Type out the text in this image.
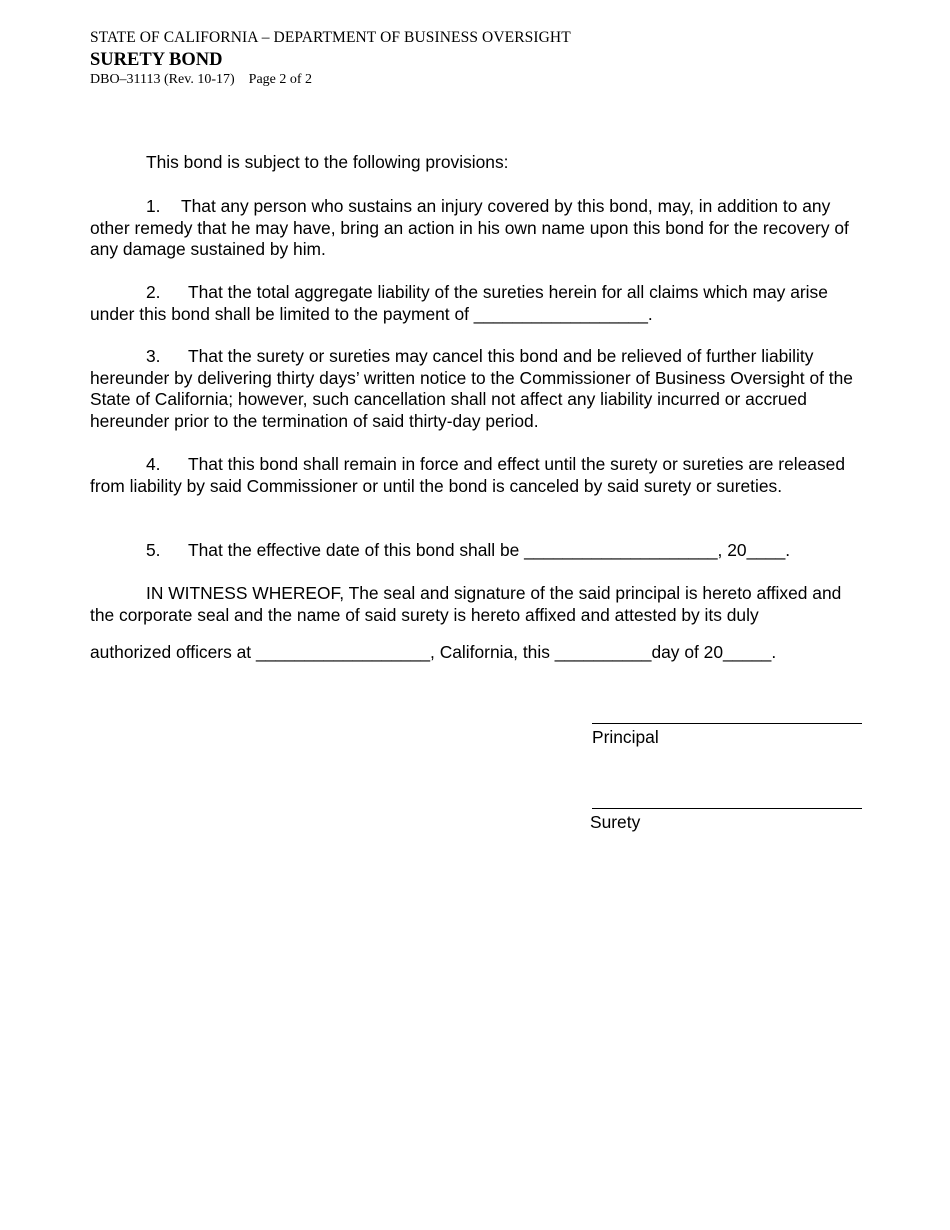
STATE OF CALIFORNIA – DEPARTMENT OF BUSINESS OVERSIGHT
SURETY BOND
DBO–31113 (Rev. 10-17) Page 2 of 2

This bond is subject to the following provisions:

1. That any person who sustains an injury covered by this bond, may, in addition to any other remedy that he may have, bring an action in his own name upon this bond for the recovery of any damage sustained by him.

2. That the total aggregate liability of the sureties herein for all claims which may arise under this bond shall be limited to the payment of __________________.

3. That the surety or sureties may cancel this bond and be relieved of further liability hereunder by delivering thirty days’ written notice to the Commissioner of Business Oversight of the State of California; however, such cancellation shall not affect any liability incurred or accrued hereunder prior to the termination of said thirty-day period.

4. That this bond shall remain in force and effect until the surety or sureties are released from liability by said Commissioner or until the bond is canceled by said surety or sureties.

5. That the effective date of this bond shall be ____________________, 20____.

IN WITNESS WHEREOF, The seal and signature of the said principal is hereto affixed and the corporate seal and the name of said surety is hereto affixed and attested by its duly
authorized officers at __________________, California, this __________day of 20_____.

Principal
Surety
